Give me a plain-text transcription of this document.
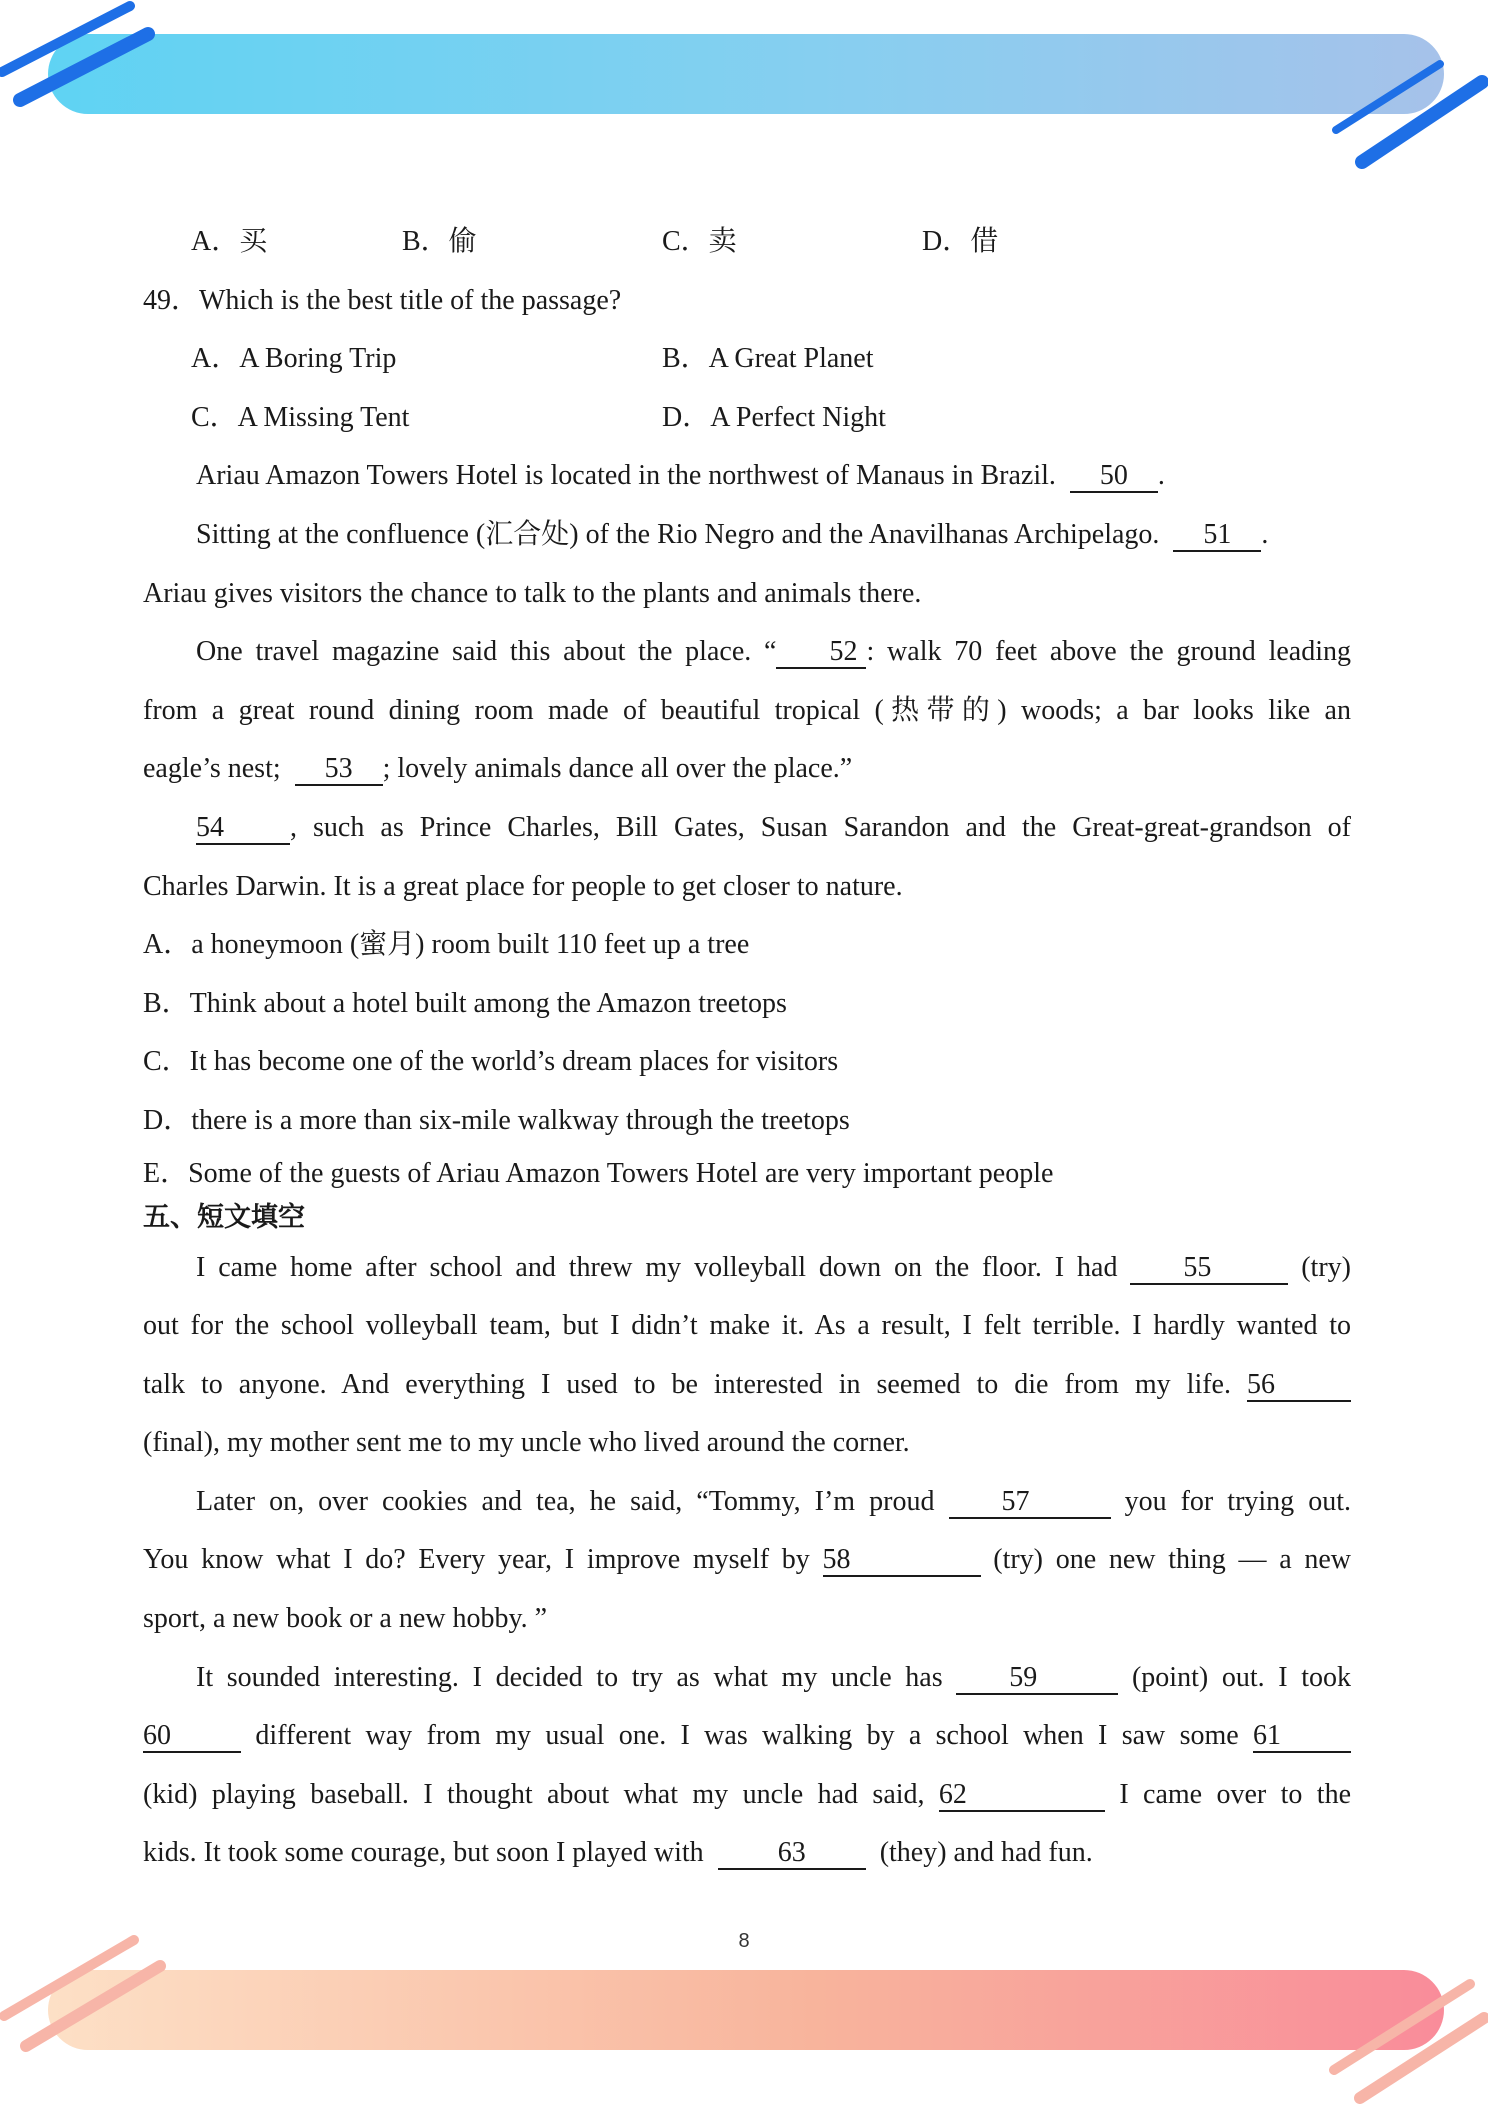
A．买	B．偷	C．卖	D．借
49．Which is the best title of the passage?
A．A Boring Trip	B．A Great Planet
C．A Missing Tent	D．A Perfect Night
Ariau Amazon Towers Hotel is located in the northwest of Manaus in Brazil. 50 .
Sitting at the confluence (汇合处) of the Rio Negro and the Anavilhanas Archipelago. 51 .
Ariau gives visitors the chance to talk to the plants and animals there.
One travel magazine said this about the place. “ 52 : walk 70 feet above the ground leading
from a great round dining room made of beautiful tropical (热带的) woods; a bar looks like an
eagle’s nest; 53 ; lovely animals dance all over the place.”
54 , such as Prince Charles, Bill Gates, Susan Sarandon and the Great-great-grandson of
Charles Darwin. It is a great place for people to get closer to nature.
A．a honeymoon (蜜月) room built 110 feet up a tree
B．Think about a hotel built among the Amazon treetops
C．It has become one of the world’s dream places for visitors
D．there is a more than six-mile walkway through the treetops
E．Some of the guests of Ariau Amazon Towers Hotel are very important people
五、短文填空
I came home after school and threw my volleyball down on the floor. I had 55	(try)
out for the school volleyball team, but I didn’t make it. As a result, I felt terrible. I hardly wanted to
talk to anyone. And everything I used to be interested in seemed to die from my life. 56
(final), my mother sent me to my uncle who lived around the corner.
Later on, over cookies and tea, he said, “Tommy, I’m proud 57	you for trying out.
You know what I do? Every year, I improve myself by 58	(try) one new thing — a new
sport, a new book or a new hobby. ”
It sounded interesting. I decided to try as what my uncle has 59	(point) out. I took
60	different way from my usual one. I was walking by a school when I saw some 61
(kid) playing baseball. I thought about what my uncle had said, 62	I came over to the
kids. It took some courage, but soon I played with	63	(they) and had fun.
8
